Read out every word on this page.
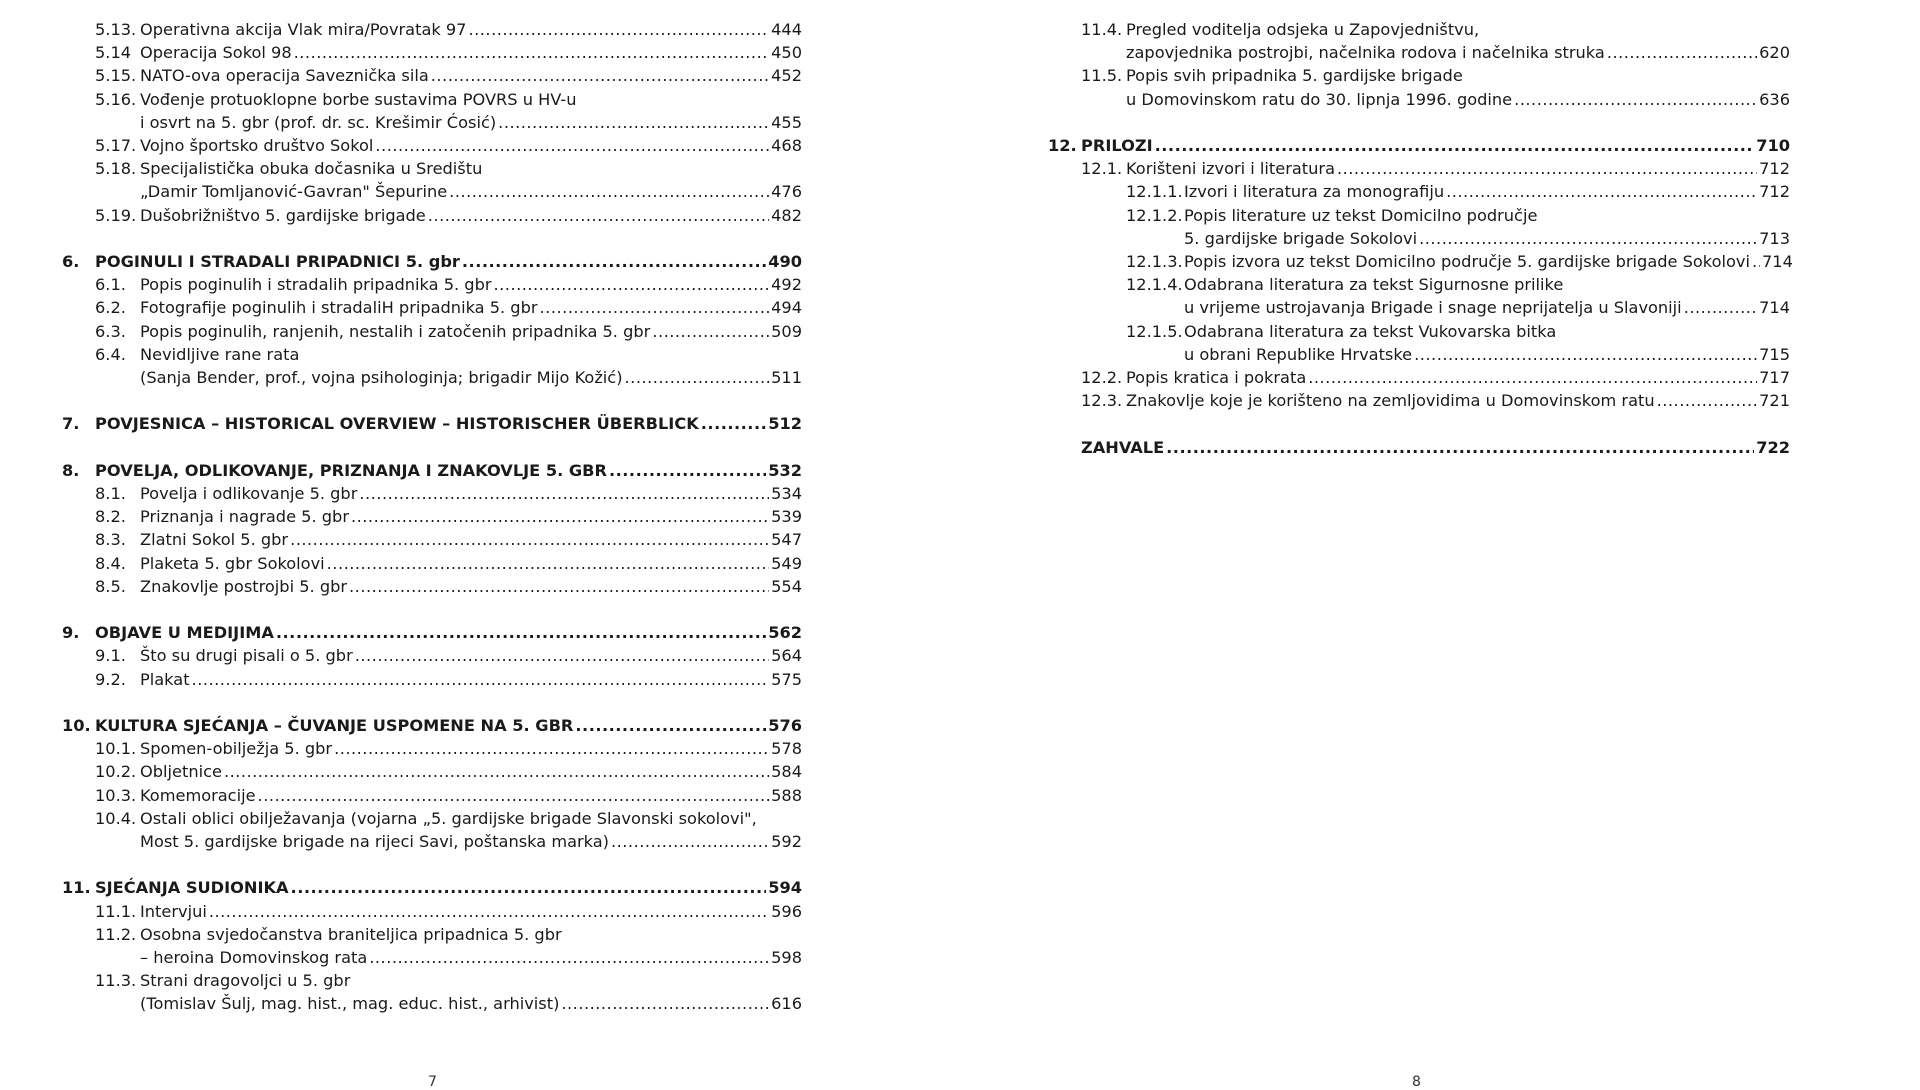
5.13. Operativna akcija Vlak mira/Povratak 97 .....	444
5.14 Operacija Sokol 98 .....	450
5.15. NATO-ova operacija Saveznička sila .....	452
5.16. Vođenje protuoklopne borbe sustavima POVRS u HV-u
i osvrt na 5. gbr (prof. dr. sc. Krešimir Ćosić) .....	455
5.17. Vojno športsko društvo Sokol .....	468
5.18. Specijalistička obuka dočasnika u Središtu
„Damir Tomljanović-Gavran" Šepurine .....	476
5.19. Dušobrižništvo 5. gardijske brigade .....	482
6. POGINULI I STRADALI PRIPADNICI 5. gbr .....	490
6.1. Popis poginulih i stradalih pripadnika 5. gbr .....	492
6.2. Fotografije poginulih i stradaliH pripadnika 5. gbr .....	494
6.3. Popis poginulih, ranjenih, nestalih i zatočenih pripadnika 5. gbr .....	509
6.4. Nevidljive rane rata
(Sanja Bender, prof., vojna psihologinja; brigadir Mijo Kožić) .....	511
7. POVJESNICA – HISTORICAL OVERVIEW – HISTORISCHER ÜBERBLICK .....	512
8. POVELJA, ODLIKOVANJE, PRIZNANJA I ZNAKOVLJE 5. GBR .....	532
8.1. Povelja i odlikovanje 5. gbr .....	534
8.2. Priznanja i nagrade 5. gbr .....	539
8.3. Zlatni Sokol 5. gbr .....	547
8.4. Plaketa 5. gbr Sokolovi .....	549
8.5. Znakovlje postrojbi 5. gbr .....	554
9. OBJAVE U MEDIJIMA .....	562
9.1. Što su drugi pisali o 5. gbr .....	564
9.2. Plakat .....	575
10. KULTURA SJEĆANJA – ČUVANJE USPOMENE NA 5. GBR .....	576
10.1. Spomen-obilježja 5. gbr .....	578
10.2. Obljetnice .....	584
10.3. Komemoracije .....	588
10.4. Ostali oblici obilježavanja (vojarna „5. gardijske brigade Slavonski sokolovi",
Most 5. gardijske brigade na rijeci Savi, poštanska marka) .....	592
11. SJEĆANJA SUDIONIKA .....	594
11.1. Intervjui .....	596
11.2. Osobna svjedočanstva braniteljica pripadnica 5. gbr
– heroina Domovinskog rata .....	598
11.3. Strani dragovoljci u 5. gbr
(Tomislav Šulj, mag. hist., mag. educ. hist., arhivist) .....	616
11.4. Pregled voditelja odsjeka u Zapovjedništvu,
zapovjednika postrojbi, načelnika rodova i načelnika struka .....	620
11.5. Popis svih pripadnika 5. gardijske brigade
u Domovinskom ratu do 30. lipnja 1996. godine .....	636
12. PRILOZI .....	710
12.1. Korišteni izvori i literatura .....	712
12.1.1. Izvori i literatura za monografiju .....	712
12.1.2. Popis literature uz tekst Domicilno područje
5. gardijske brigade Sokolovi .....	713
12.1.3. Popis izvora uz tekst Domicilno područje 5. gardijske brigade Sokolovi ..... 714
12.1.4. Odabrana literatura za tekst Sigurnosne prilike
u vrijeme ustrojavanja Brigade i snage neprijatelja u Slavoniji .....	714
12.1.5. Odabrana literatura za tekst Vukovarska bitka
u obrani Republike Hrvatske .....	715
12.2. Popis kratica i pokrata .....	717
12.3. Znakovlje koje je korišteno na zemljovidima u Domovinskom ratu .....	721
ZAHVALE .....	722
7	8
